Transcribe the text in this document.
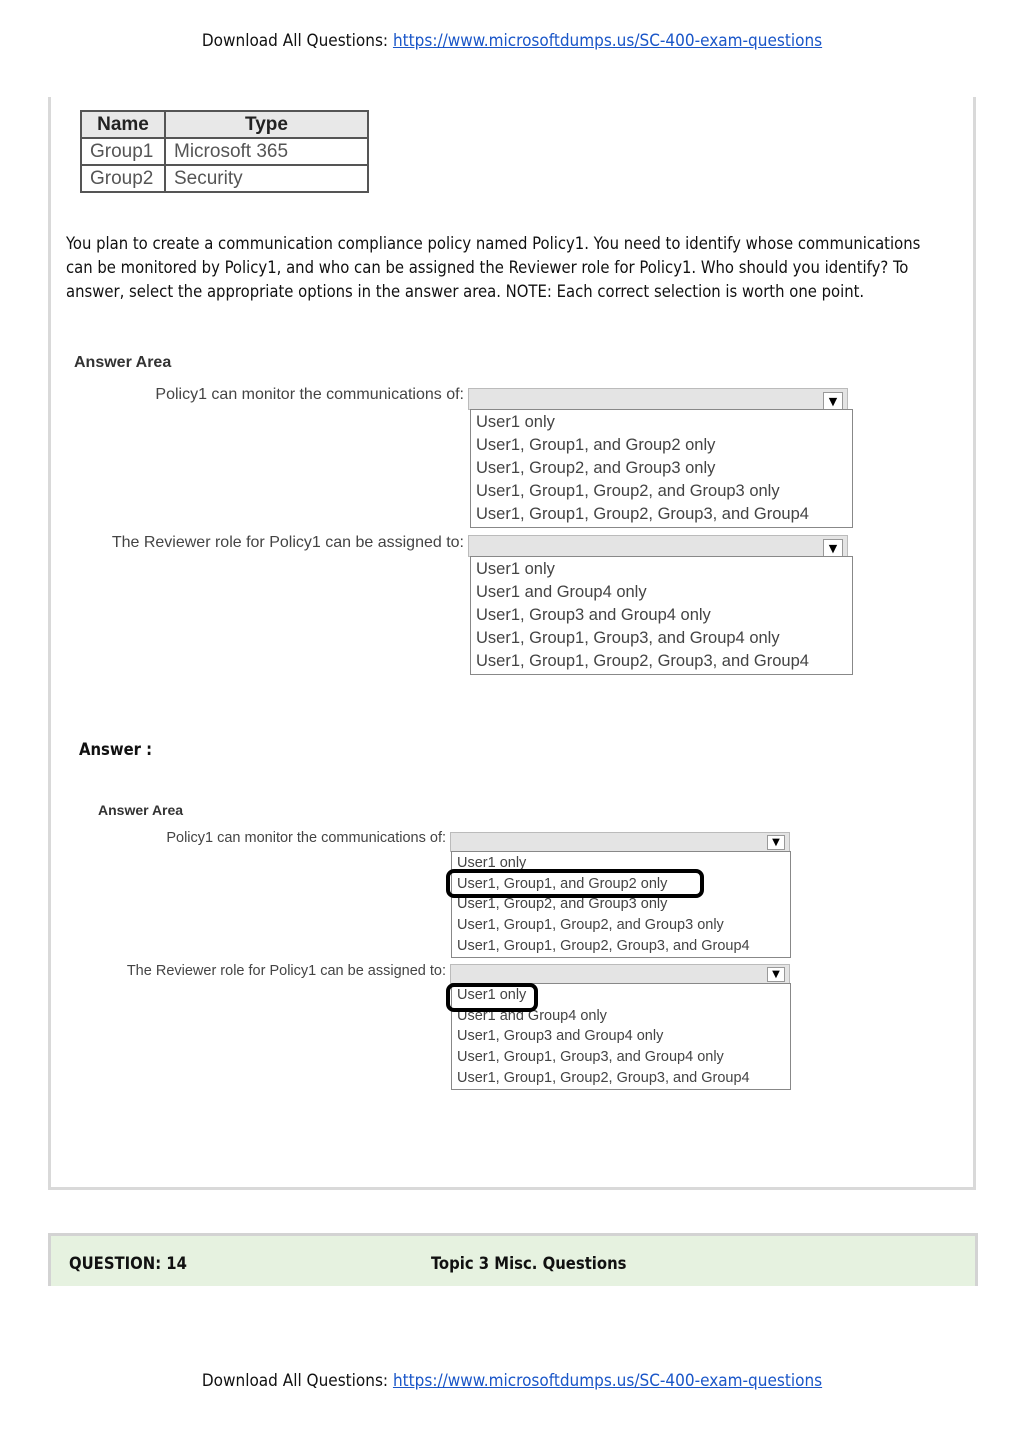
Download All Questions: https://www.microsoftdumps.us/SC-400-exam-questions
Name	Type
Group1	Microsoft 365
Group2	Security
You plan to create a communication compliance policy named Policy1. You need to identify whose communications can be monitored by Policy1, and who can be assigned the Reviewer role for Policy1. Who should you identify? To answer, select the appropriate options in the answer area. NOTE: Each correct selection is worth one point.
Answer Area
Policy1 can monitor the communications of:	▼
User1 only
User1, Group1, and Group2 only
User1, Group2, and Group3 only
User1, Group1, Group2, and Group3 only
User1, Group1, Group2, Group3, and Group4
The Reviewer role for Policy1 can be assigned to:	▼
User1 only
User1 and Group4 only
User1, Group3 and Group4 only
User1, Group1, Group3, and Group4 only
User1, Group1, Group2, Group3, and Group4
Answer :
Answer Area
Policy1 can monitor the communications of:	▼
User1 only
User1, Group1, and Group2 only
User1, Group2, and Group3 only
User1, Group1, Group2, and Group3 only
User1, Group1, Group2, Group3, and Group4
The Reviewer role for Policy1 can be assigned to:	▼
User1 only
User1 and Group4 only
User1, Group3 and Group4 only
User1, Group1, Group3, and Group4 only
User1, Group1, Group2, Group3, and Group4
QUESTION: 14	Topic 3 Misc. Questions
Download All Questions: https://www.microsoftdumps.us/SC-400-exam-questions
